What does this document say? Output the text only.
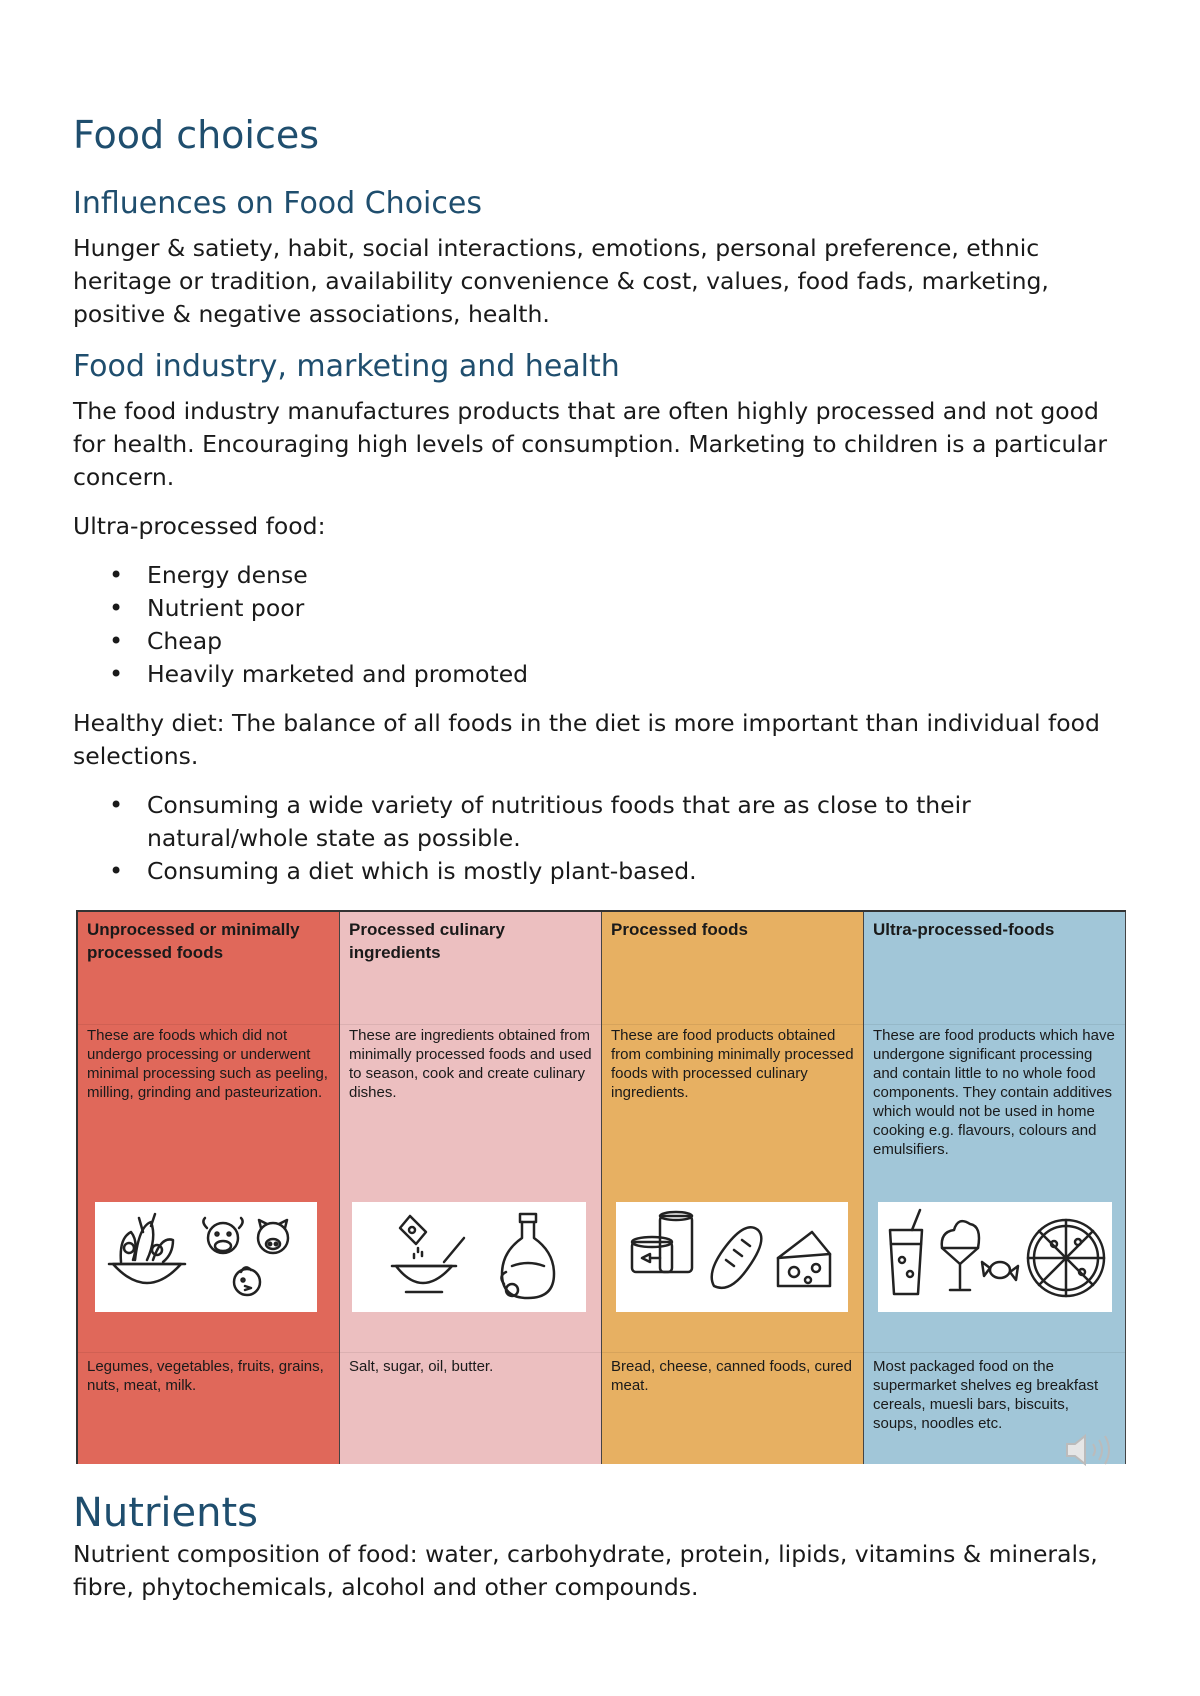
Food choices
Influences on Food Choices

Hunger & satiety, habit, social interactions, emotions, personal preference, ethnic heritage or tradition, availability convenience & cost, values, food fads, marketing, positive & negative associations, health.

Food industry, marketing and health

The food industry manufactures products that are often highly processed and not good for health. Encouraging high levels of consumption. Marketing to children is a particular concern.

Ultra-processed food:

• Energy dense
• Nutrient poor
• Cheap
• Heavily marketed and promoted

Healthy diet: The balance of all foods in the diet is more important than individual food selections.

• Consuming a wide variety of nutritious foods that are as close to their natural/whole state as possible.
• Consuming a diet which is mostly plant-based.
Unprocessed or minimally processed foods
These are foods which did not undergo processing or underwent minimal processing such as peeling, milling, grinding and pasteurization.
Legumes, vegetables, fruits, grains, nuts, meat, milk.
Processed culinary ingredients
These are ingredients obtained from minimally processed foods and used to season, cook and create culinary dishes.
Salt, sugar, oil, butter.
Processed foods
These are food products obtained from combining minimally processed foods with processed culinary ingredients.
Bread, cheese, canned foods, cured meat.
Ultra-processed-foods
These are food products which have undergone significant processing and contain little to no whole food components. They contain additives which would not be used in home cooking e.g. flavours, colours and emulsifiers.
Most packaged food on the supermarket shelves eg breakfast cereals, muesli bars, biscuits, soups, noodles etc.
Nutrients

Nutrient composition of food: water, carbohydrate, protein, lipids, vitamins & minerals, fibre, phytochemicals, alcohol and other compounds.
